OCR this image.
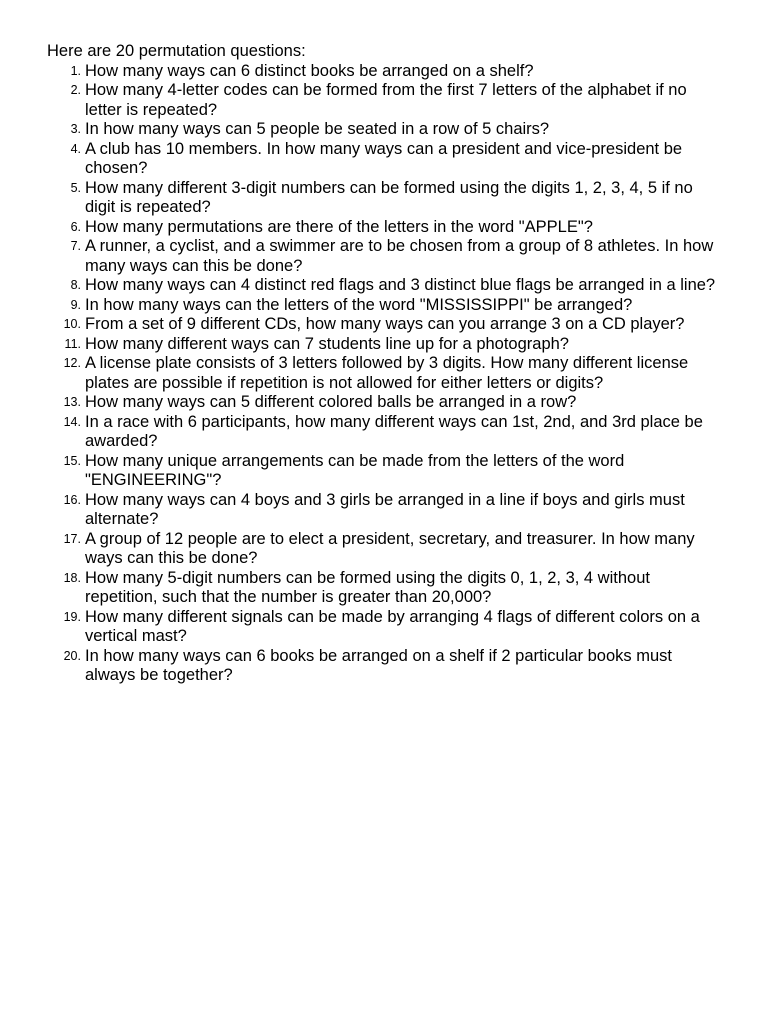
Here are 20 permutation questions:

1. How many ways can 6 distinct books be arranged on a shelf?
2. How many 4-letter codes can be formed from the first 7 letters of the alphabet if no letter is repeated?
3. In how many ways can 5 people be seated in a row of 5 chairs?
4. A club has 10 members. In how many ways can a president and vice-president be chosen?
5. How many different 3-digit numbers can be formed using the digits 1, 2, 3, 4, 5 if no digit is repeated?
6. How many permutations are there of the letters in the word "APPLE"?
7. A runner, a cyclist, and a swimmer are to be chosen from a group of 8 athletes. In how many ways can this be done?
8. How many ways can 4 distinct red flags and 3 distinct blue flags be arranged in a line?
9. In how many ways can the letters of the word "MISSISSIPPI" be arranged?
10. From a set of 9 different CDs, how many ways can you arrange 3 on a CD player?
11. How many different ways can 7 students line up for a photograph?
12. A license plate consists of 3 letters followed by 3 digits. How many different license plates are possible if repetition is not allowed for either letters or digits?
13. How many ways can 5 different colored balls be arranged in a row?
14. In a race with 6 participants, how many different ways can 1st, 2nd, and 3rd place be awarded?
15. How many unique arrangements can be made from the letters of the word "ENGINEERING"?
16. How many ways can 4 boys and 3 girls be arranged in a line if boys and girls must alternate?
17. A group of 12 people are to elect a president, secretary, and treasurer. In how many ways can this be done?
18. How many 5-digit numbers can be formed using the digits 0, 1, 2, 3, 4 without repetition, such that the number is greater than 20,000?
19. How many different signals can be made by arranging 4 flags of different colors on a vertical mast?
20. In how many ways can 6 books be arranged on a shelf if 2 particular books must always be together?
